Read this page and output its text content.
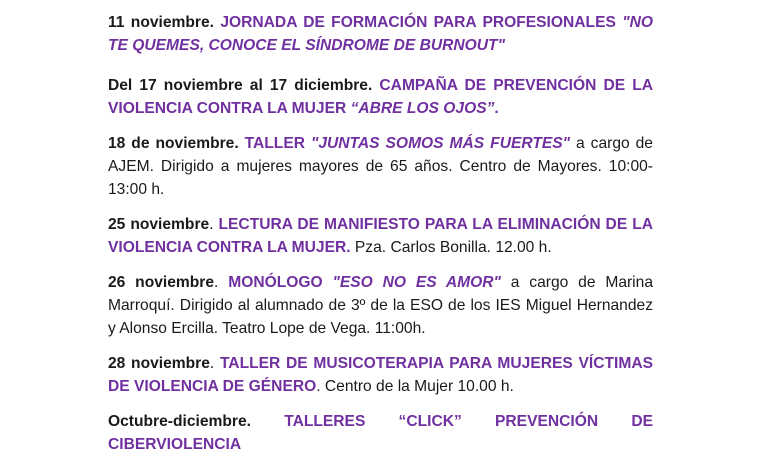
11 noviembre. JORNADA DE FORMACIÓN PARA PROFESIONALES "NO TE QUEMES, CONOCE EL SÍNDROME DE BURNOUT"

Del 17 noviembre al 17 diciembre. CAMPAÑA DE PREVENCIÓN DE LA VIOLENCIA CONTRA LA MUJER “ABRE LOS OJOS”.

18 de noviembre. TALLER "JUNTAS SOMOS MÁS FUERTES" a cargo de AJEM. Dirigido a mujeres mayores de 65 años. Centro de Mayores. 10:00-13:00 h.

25 noviembre. LECTURA DE MANIFIESTO PARA LA ELIMINACIÓN DE LA VIOLENCIA CONTRA LA MUJER. Pza. Carlos Bonilla. 12.00 h.

26 noviembre. MONÓLOGO "ESO NO ES AMOR" a cargo de Marina Marroquí. Dirigido al alumnado de 3º de la ESO de los IES Miguel Hernandez y Alonso Ercilla. Teatro Lope de Vega. 11:00h.

28 noviembre. TALLER DE MUSICOTERAPIA PARA MUJERES VÍCTIMAS DE VIOLENCIA DE GÉNERO. Centro de la Mujer 10.00 h.

Octubre-diciembre. TALLERES “CLICK” PREVENCIÓN DE CIBERVIOLENCIA
